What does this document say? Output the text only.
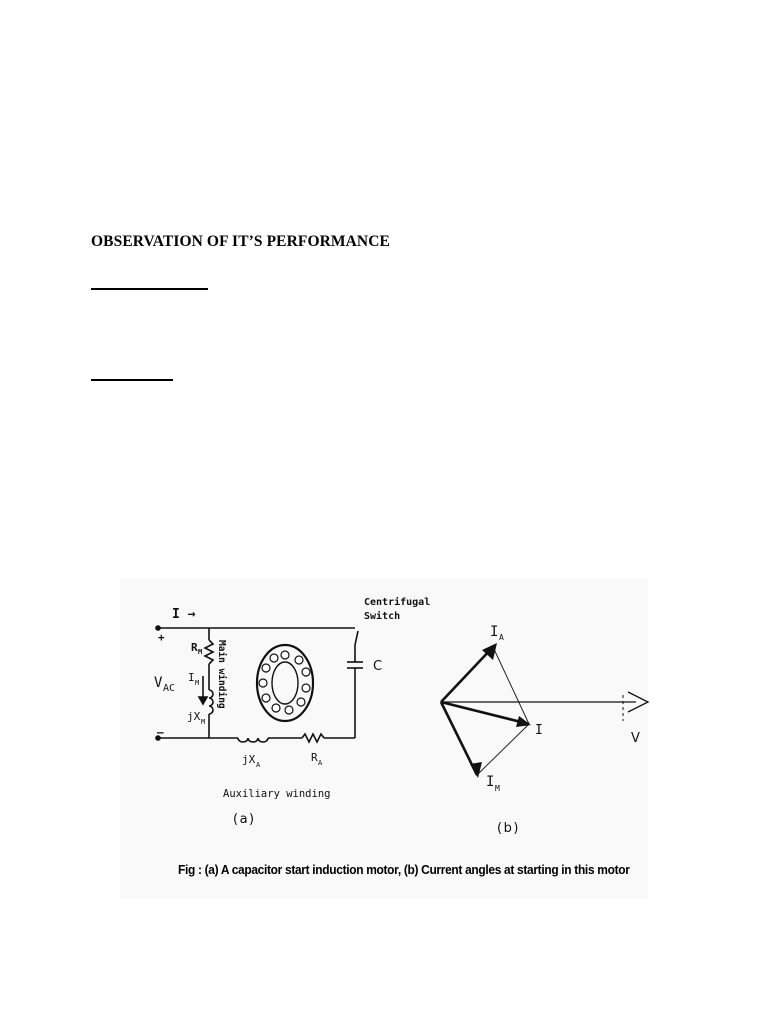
OBSERVATION OF IT’S PERFORMANCE
I →
+
–
V AC
R M
I M
jX M
Main winding
Centrifugal
Switch
C
jX A
R A
Auxiliary winding
(a)
I A
I
I M
V
(b)
Fig : (a) A capacitor start induction motor, (b) Current angles at starting in this motor
